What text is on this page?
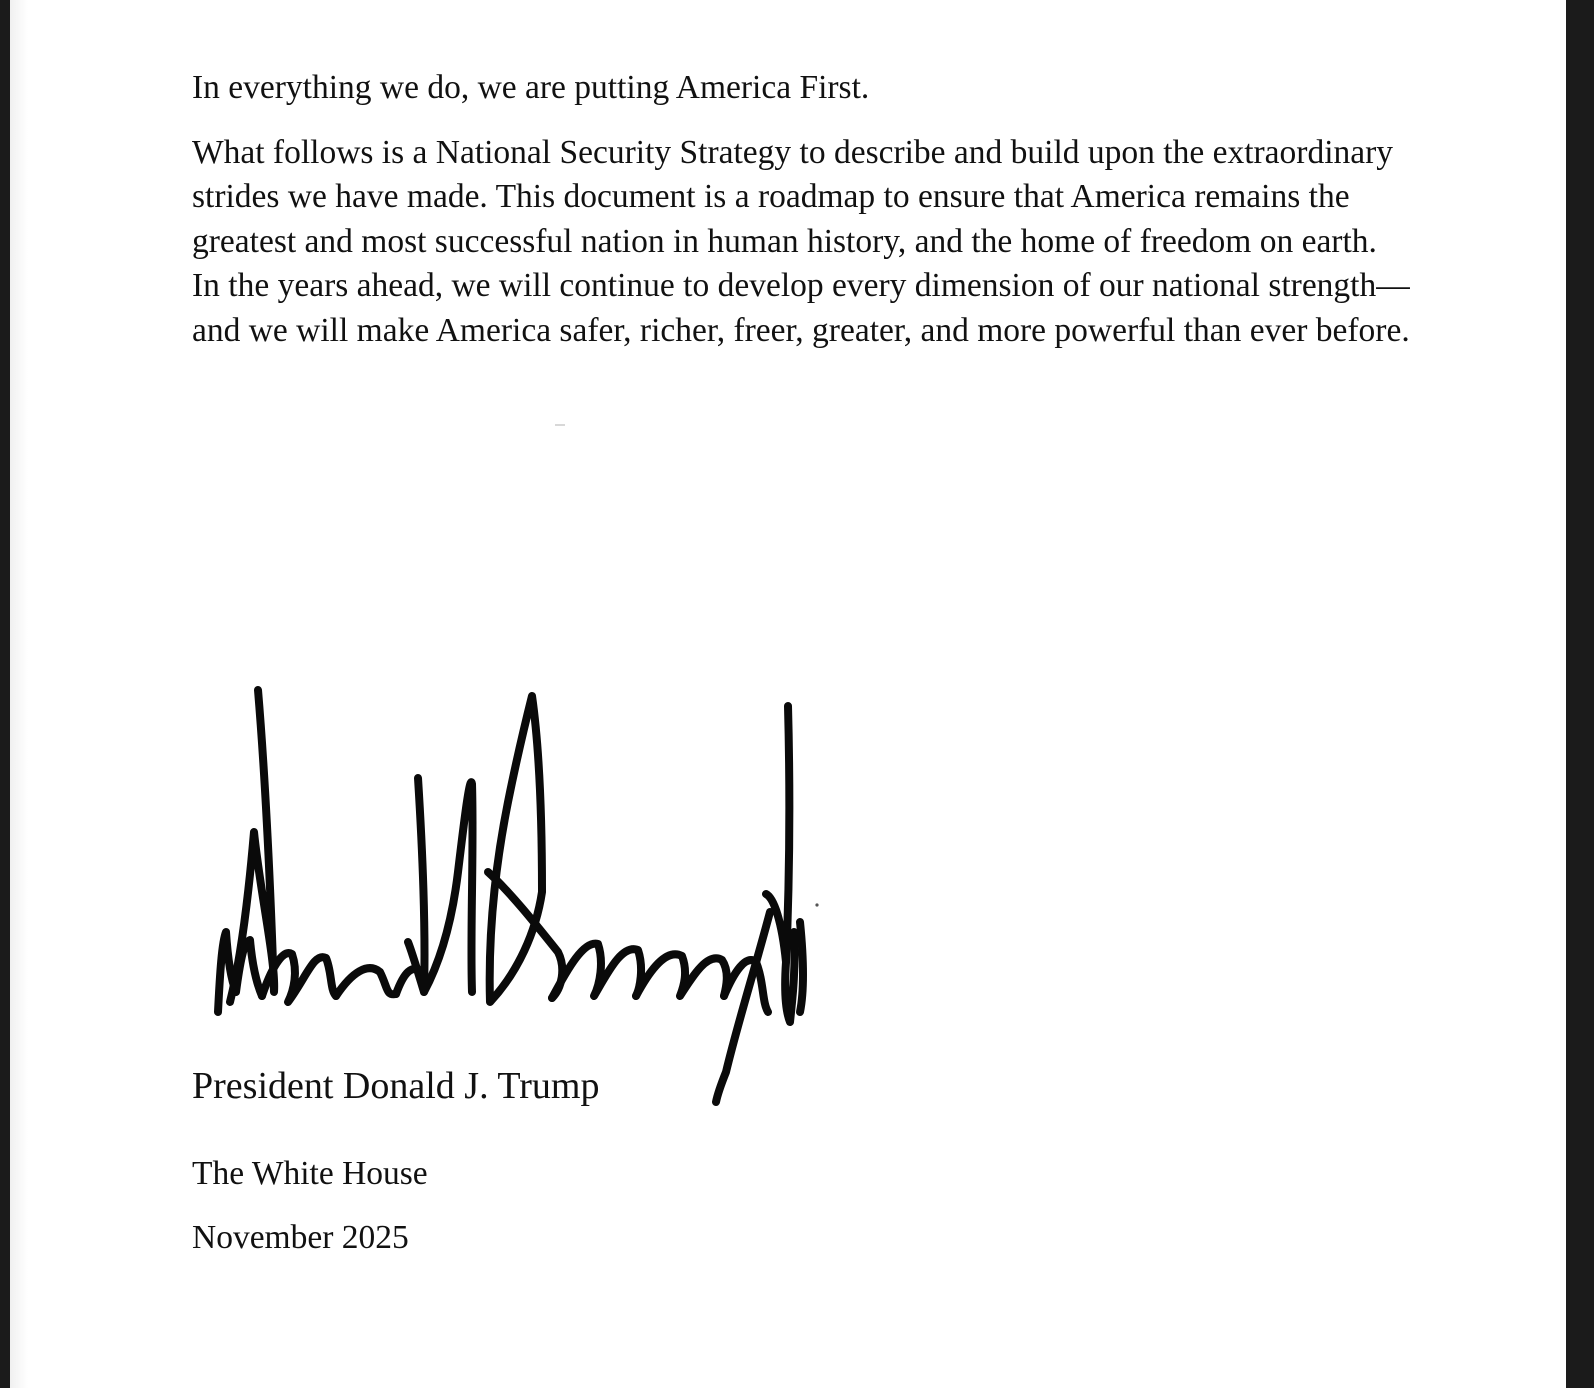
In everything we do, we are putting America First.

What follows is a National Security Strategy to describe and build upon the extraordinary strides we have made. This document is a roadmap to ensure that America remains the greatest and most successful nation in human history, and the home of freedom on earth. In the years ahead, we will continue to develop every dimension of our national strength—and we will make America safer, richer, freer, greater, and more powerful than ever before.

President Donald J. Trump
The White House
November 2025
